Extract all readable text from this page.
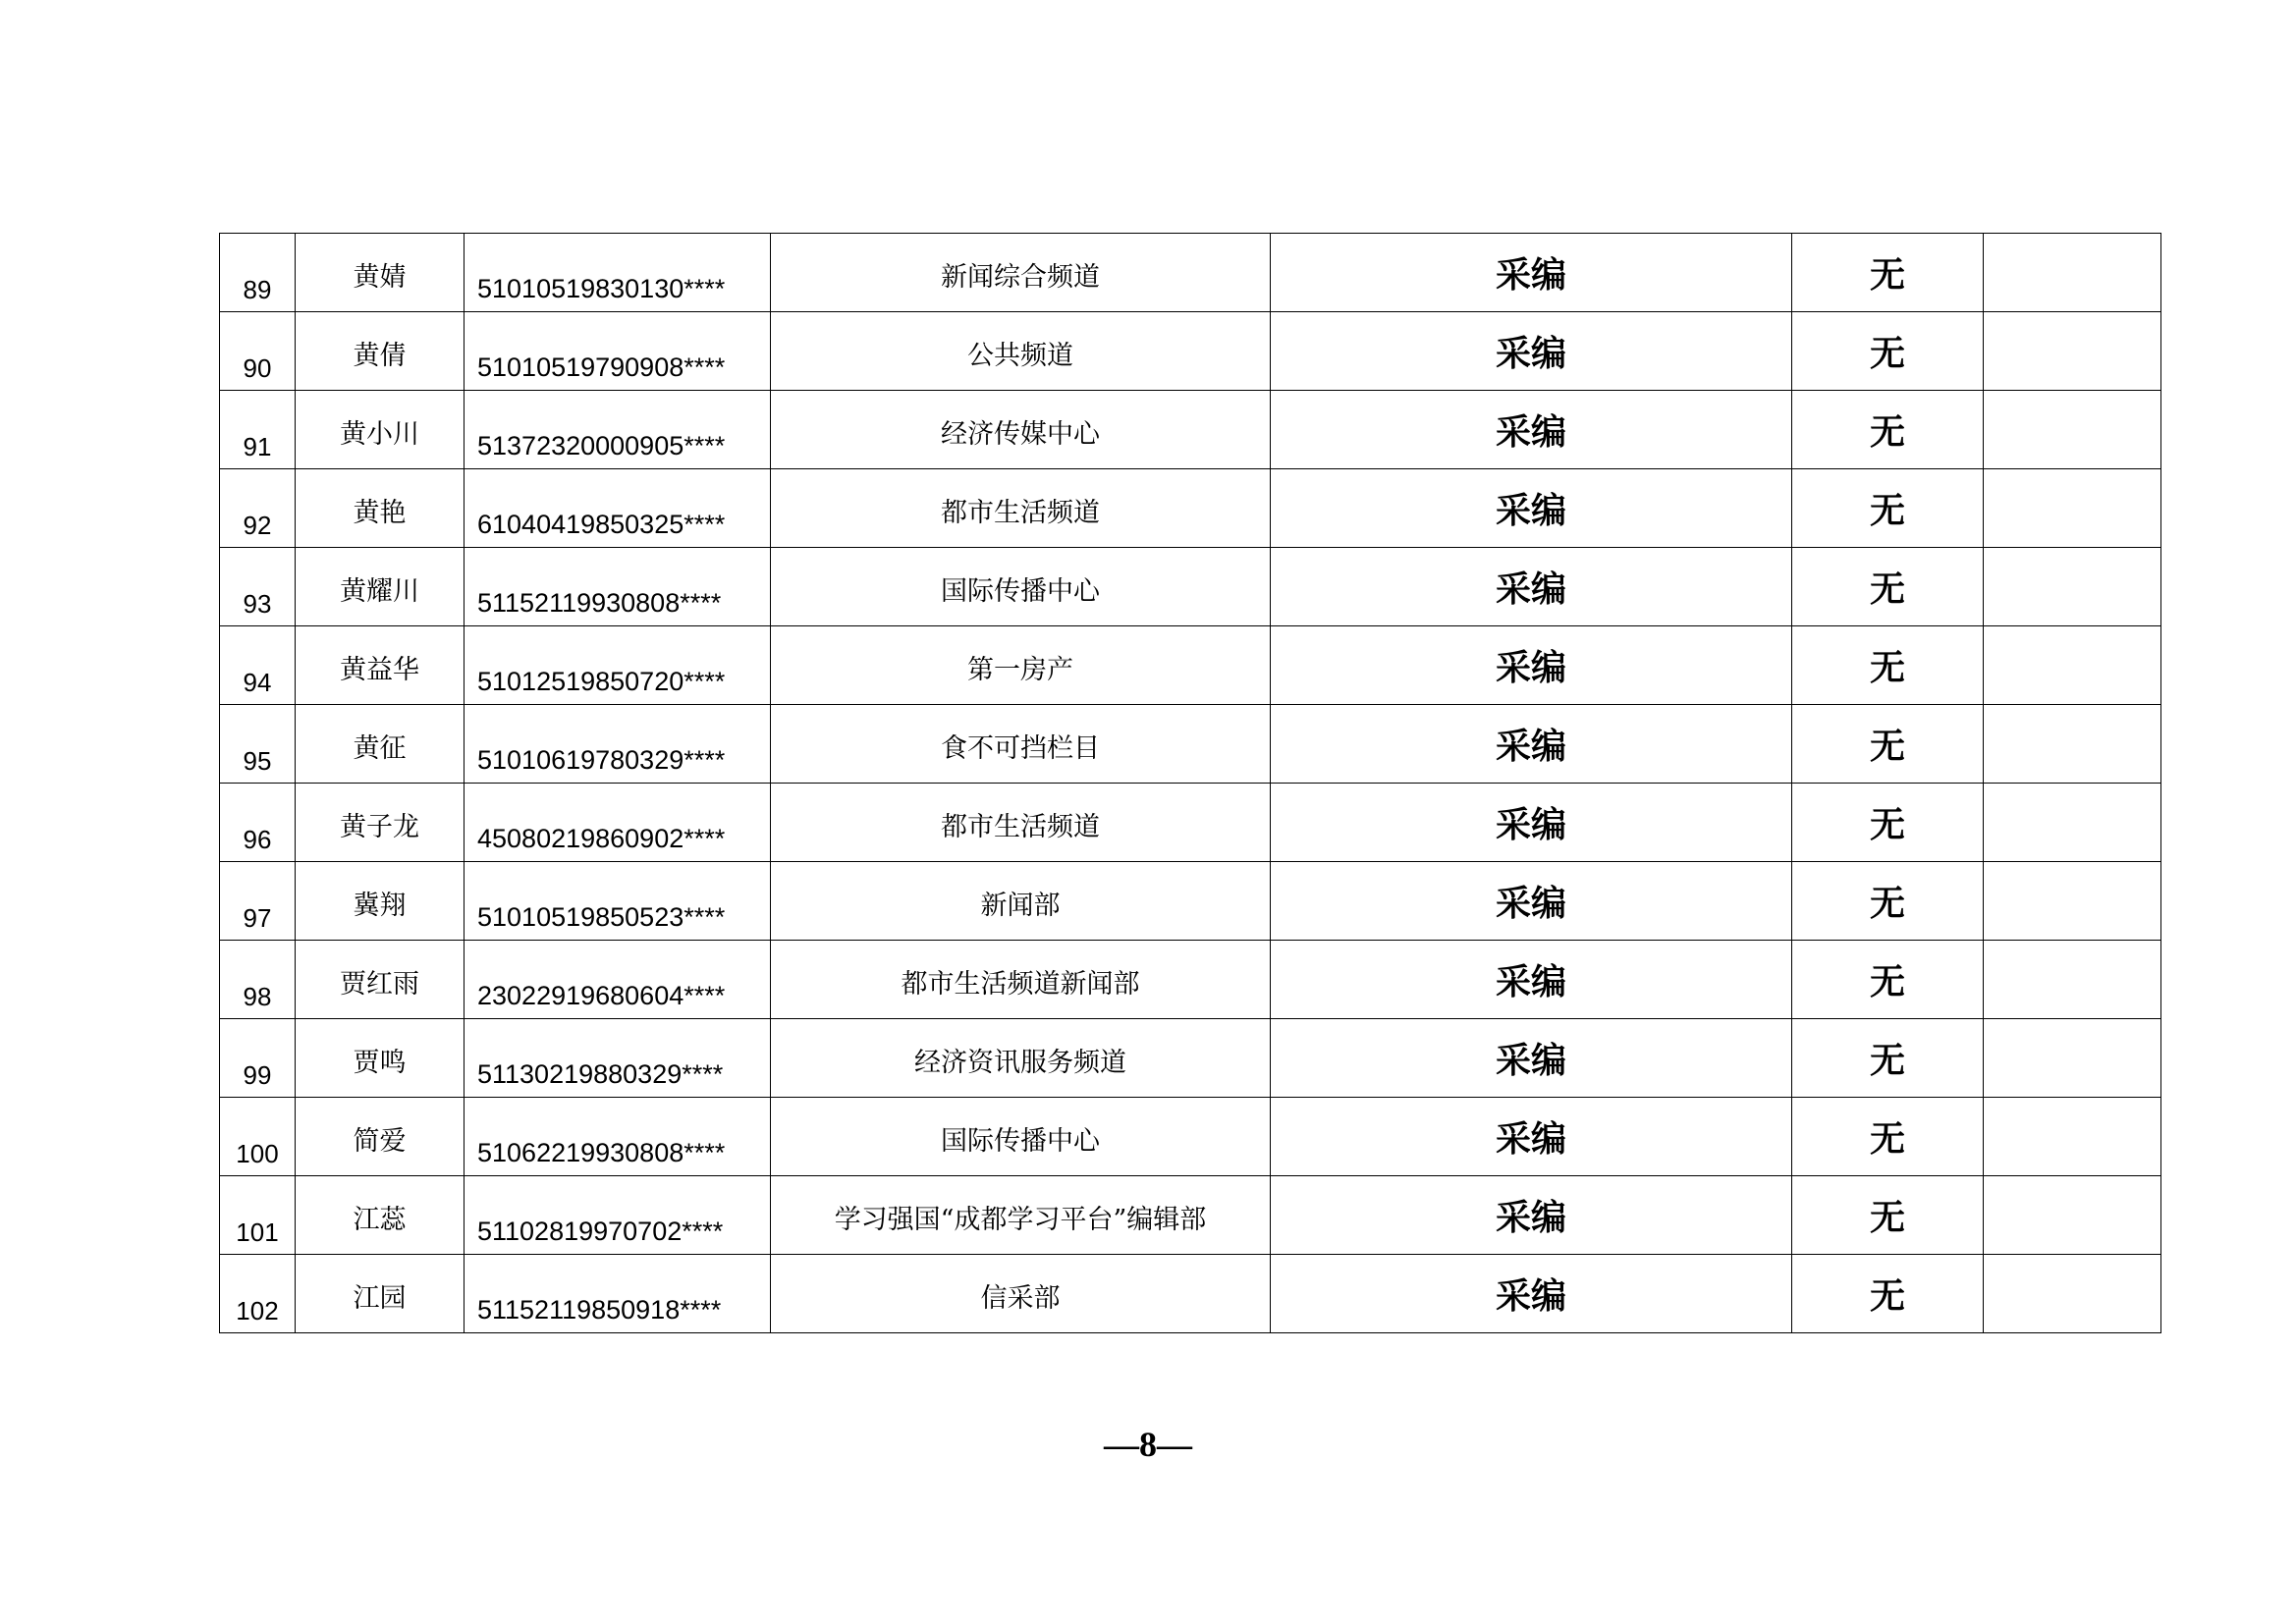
89	黄婧	51010519830130****	新闻综合频道	采编	无	

90	黄倩	51010519790908****	公共频道	采编	无	

91	黄小川	51372320000905****	经济传媒中心	采编	无	

92	黄艳	61040419850325****	都市生活频道	采编	无	

93	黄耀川	51152119930808****	国际传播中心	采编	无	

94	黄益华	51012519850720****	第一房产	采编	无	

95	黄征	51010619780329****	食不可挡栏目	采编	无	

96	黄子龙	45080219860902****	都市生活频道	采编	无	

97	冀翔	51010519850523****	新闻部	采编	无	

98	贾红雨	23022919680604****	都市生活频道新闻部	采编	无	

99	贾鸣	51130219880329****	经济资讯服务频道	采编	无	

100	简爱	51062219930808****	国际传播中心	采编	无	

101	江蕊	51102819970702****	学习强国“成都学习平台”编辑部	采编	无	

102	江园	51152119850918****	信采部	采编	无	
—8—
